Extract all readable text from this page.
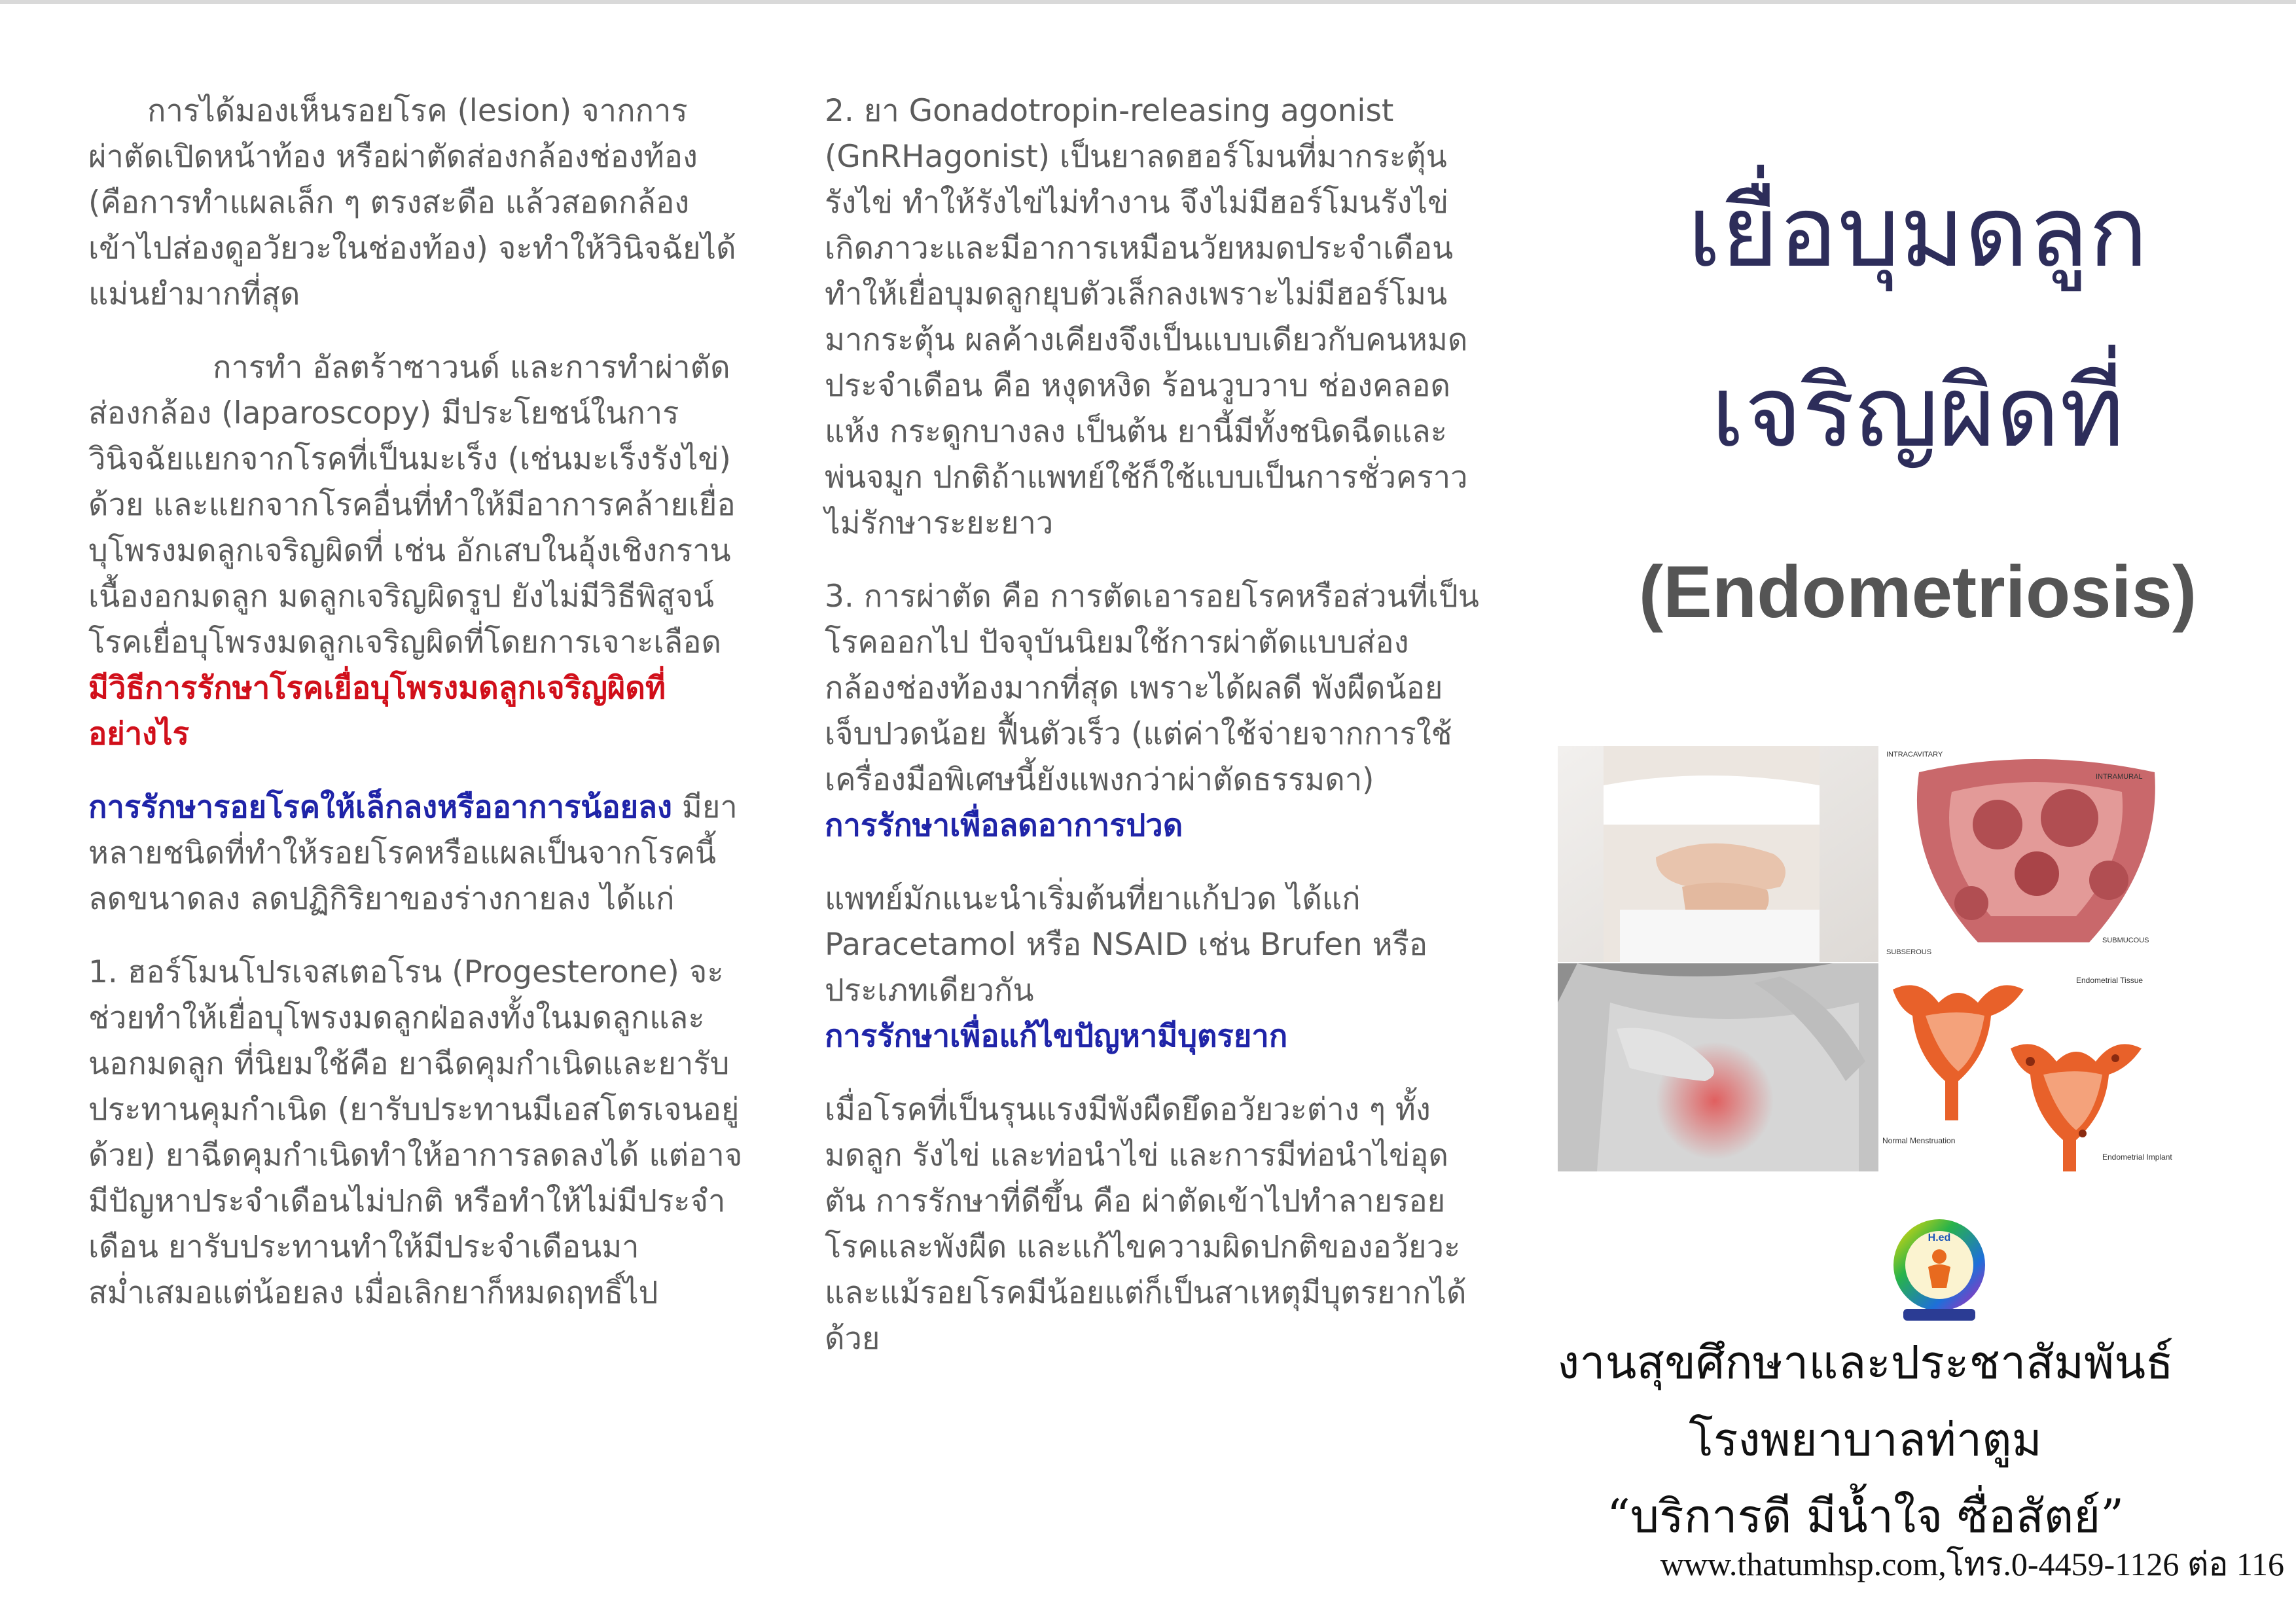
การได้มองเห็นรอยโรค (lesion) จากการผ่าตัดเปิดหน้าท้อง หรือผ่าตัดส่องกล้องช่องท้อง (คือการทำแผลเล็ก ๆ ตรงสะดือ แล้วสอดกล้องเข้าไปส่องดูอวัยวะในช่องท้อง) จะทำให้วินิจฉัยได้แม่นยำมากที่สุด

การทำ อัลตร้าซาวนด์ และการทำผ่าตัดส่องกล้อง (laparoscopy) มีประโยชน์ในการวินิจฉัยแยกจากโรคที่เป็นมะเร็ง (เช่นมะเร็งรังไข่) ด้วย และแยกจากโรคอื่นที่ทำให้มีอาการคล้ายเยื่อบุโพรงมดลูกเจริญผิดที่ เช่น อักเสบในอุ้งเชิงกราน เนื้องอกมดลูก มดลูกเจริญผิดรูป ยังไม่มีวิธีพิสูจน์โรคเยื่อบุโพรงมดลูกเจริญผิดที่โดยการเจาะเลือด

มีวิธีการรักษาโรคเยื่อบุโพรงมดลูกเจริญผิดที่อย่างไร

การรักษารอยโรคให้เล็กลงหรืออาการน้อยลง มียาหลายชนิดที่ทำให้รอยโรคหรือแผลเป็นจากโรคนี้ลดขนาดลง ลดปฏิกิริยาของร่างกายลง ได้แก่

1. ฮอร์โมนโปรเจสเตอโรน (Progesterone) จะช่วยทำให้เยื่อบุโพรงมดลูกฝ่อลงทั้งในมดลูกและนอกมดลูก ที่นิยมใช้คือ ยาฉีดคุมกำเนิดและยารับประทานคุมกำเนิด (ยารับประทานมีเอสโตรเจนอยู่ด้วย) ยาฉีดคุมกำเนิดทำให้อาการลดลงได้ แต่อาจมีปัญหาประจำเดือนไม่ปกติ หรือทำให้ไม่มีประจำเดือน ยารับประทานทำให้มีประจำเดือนมาสม่ำเสมอแต่น้อยลง เมื่อเลิกยาก็หมดฤทธิ์ไป

2. ยา Gonadotropin-releasing agonist (GnRHagonist) เป็นยาลดฮอร์โมนที่มากระตุ้นรังไข่ ทำให้รังไข่ไม่ทำงาน จึงไม่มีฮอร์โมนรังไข่ เกิดภาวะและมีอาการเหมือนวัยหมดประจำเดือน ทำให้เยื่อบุมดลูกยุบตัวเล็กลงเพราะไม่มีฮอร์โมนมากระตุ้น ผลค้างเคียงจึงเป็นแบบเดียวกับคนหมดประจำเดือน คือ หงุดหงิด ร้อนวูบวาบ ช่องคลอดแห้ง กระดูกบางลง เป็นต้น ยานี้มีทั้งชนิดฉีดและพ่นจมูก ปกติถ้าแพทย์ใช้ก็ใช้แบบเป็นการชั่วคราว ไม่รักษาระยะยาว

3. การผ่าตัด คือ การตัดเอารอยโรคหรือส่วนที่เป็นโรคออกไป ปัจจุบันนิยมใช้การผ่าตัดแบบส่องกล้องช่องท้องมากที่สุด เพราะได้ผลดี พังผืดน้อย เจ็บปวดน้อย ฟื้นตัวเร็ว (แต่ค่าใช้จ่ายจากการใช้เครื่องมือพิเศษนี้ยังแพงกว่าผ่าตัดธรรมดา)

การรักษาเพื่อลดอาการปวด

แพทย์มักแนะนำเริ่มต้นที่ยาแก้ปวด ได้แก่ Paracetamol หรือ NSAID เช่น Brufen หรือประเภทเดียวกัน

การรักษาเพื่อแก้ไขปัญหามีบุตรยาก

เมื่อโรคที่เป็นรุนแรงมีพังผืดยึดอวัยวะต่าง ๆ ทั้งมดลูก รังไข่ และท่อนำไข่ และการมีท่อนำไข่อุดตัน การรักษาที่ดีขึ้น คือ ผ่าตัดเข้าไปทำลายรอยโรคและพังผืด และแก้ไขความผิดปกติของอวัยวะ และแม้รอยโรคมีน้อยแต่ก็เป็นสาเหตุมีบุตรยากได้ด้วย

เยื่อบุมดลูก
เจริญผิดที่
(Endometriosis)
INTRACAVITARY
INTRAMURAL
SUBSEROUS
SUBMUCOUS
Endometrial Tissue
Normal Menstruation
Endometrial Implant
H.ed
งานสุขศึกษาและประชาสัมพันธ์
โรงพยาบาลท่าตูม
“บริการดี มีน้ำใจ ซื่อสัตย์”
www.thatumhsp.com,โทร.0-4459-1126 ต่อ 116
